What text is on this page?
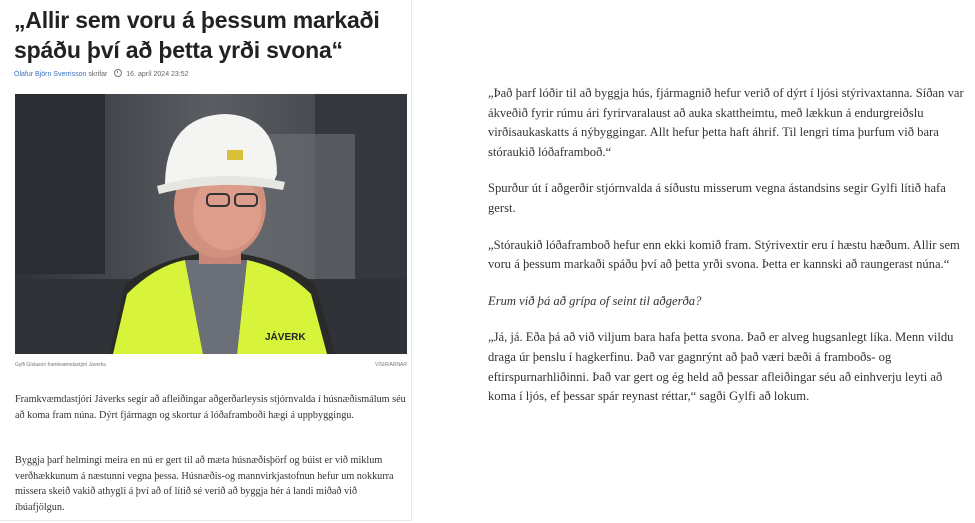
„Allir sem voru á þessum markaði spáðu því að þetta yrði svona“
Ólafur Björn Sverrisson skrifar	16. apríl 2024 23:52
JÁVERK
Gylfi Gíslason framkvæmdastjóri Jáverks.	VÍSIR/ARNAR
Framkvæmdastjóri Jáverks segir að afleiðingar aðgerðarleysis stjórnvalda í húsnæðismálum séu að koma fram núna. Dýrt fjármagn og skortur á lóðaframboði hægi á uppbyggingu.
Byggja þarf helmingi meira en nú er gert til að mæta húsnæðisþörf og búist er við miklum verðhækkunum á næstunni vegna þessa. Húsnæðis-og mannvirkjastofnun hefur um nokkurra missera skeið vakið athygli á því að of lítið sé verið að byggja hér á landi miðað við íbúafjölgun.

„Það þarf lóðir til að byggja hús, fjármagnið hefur verið of dýrt í ljósi stýrivaxtanna. Síðan var ákveðið fyrir rúmu ári fyrirvaralaust að auka skattheimtu, með lækkun á endurgreiðslu virðisaukaskatts á nýbyggingar. Allt hefur þetta haft áhrif. Til lengri tíma þurfum við bara stóraukið lóðaframboð.“

Spurður út í aðgerðir stjórnvalda á síðustu misserum vegna ástandsins segir Gylfi lítið hafa gerst.

„Stóraukið lóðaframboð hefur enn ekki komið fram. Stýrivextir eru í hæstu hæðum. Allir sem voru á þessum markaði spáðu því að þetta yrði svona. Þetta er kannski að raungerast núna.“

Erum við þá að grípa of seint til aðgerða?

„Já, já. Eða þá að við viljum bara hafa þetta svona. Það er alveg hugsanlegt líka. Menn vildu draga úr þenslu í hagkerfinu. Það var gagnrýnt að það væri bæði á framboðs- og eftirspurnarhliðinni. Það var gert og ég held að þessar afleiðingar séu að einhverju leyti að koma í ljós, ef þessar spár reynast réttar,“ sagði Gylfi að lokum.
